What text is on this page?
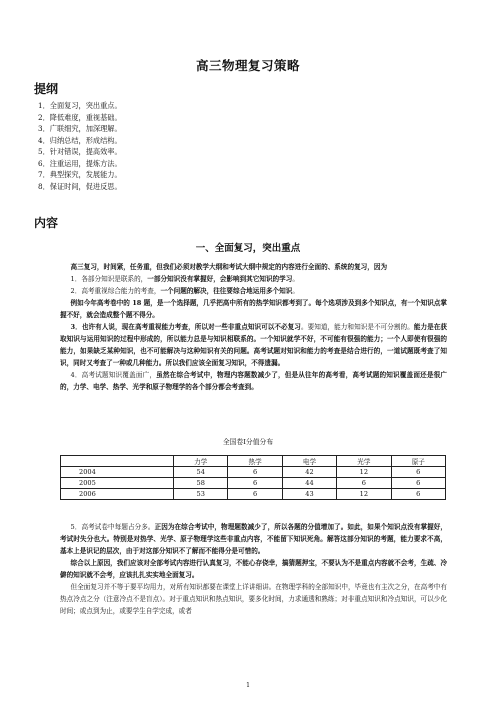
高三物理复习策略
提纲
1．全面复习，突出重点。
2．降低难度，重视基础。
3．广联细究，加深理解。
4．归纳总结，形成结构。
5．针对错误，提高效率。
6．注重运用，提炼方法。
7．典型探究，发展能力。
8．保证时间，促进反思。
内容
一、全面复习，突出重点

高三复习，时间紧，任务重，但我们必须对教学大纲和考试大纲中规定的内容进行全面的、系统的复习，因为

1．各部分知识是联系的，一部分知识没有掌握好，会影响到其它知识的学习。

2．高考重视综合能力的考查，一个问题的解决，往往要综合地运用多个知识。

例如今年高考卷中的 18 题，是一个选择题，几乎把高中所有的热学知识都考到了。每个选项涉及到多个知识点，有一个知识点掌握不好，就会造成整个题不得分。

3．也许有人说，现在高考重视能力考查，所以对一些非重点知识可以不必复习。要知道，能力和知识是不可分割的。能力是在获取知识与运用知识的过程中形成的，所以能力总是与知识相联系的。一个知识就学不好，不可能有很强的能力；一个人即使有很强的能力，如果缺乏某种知识，也不可能解决与这种知识有关的问题。高考试题对知识和能力的考查是结合进行的，一道试题既考查了知识，同时又考查了一种或几种能力。所以我们应该全面复习知识，不得遗漏。

4．高考试题知识覆盖面广，虽然在综合考试中，物理内容题数减少了，但是从往年的高考看，高考试题的知识覆盖面还是很广的，力学、电学、热学、光学和原子物理学的各个部分都会考查到。

全国卷Ⅰ分值分布
	力学	热学	电学	光学	原子
2004	54	6	42	12	6
2005	58	6	44	6	6
2006	53	6	43	12	6

5．高考试卷中每题占分多。正因为在综合考试中，物理题数减少了，所以各题的分值增加了。如此，如果个知识点没有掌握好，考试时失分也大。特别是对热学、光学、原子物理学这些非重点内容，不能留下知识死角。解答这部分知识的考题，能力要求不高，基本上是识记的层次，由于对这部分知识不了解而不能得分是可惜的。

综合以上原因，我们应该对全部考试内容进行认真复习，不能心存侥幸，搞猜题押宝，不要认为不是重点内容就不会考，生疏、冷僻的知识就不会考，应该扎扎实实地全面复习。

但全面复习并不等于要平均用力，对所有知识都要在课堂上详讲细讲。在物理学科的全部知识中，毕竟也有主次之分，在高考中有热点冷点之分（注意冷点不是盲点）。对于重点知识和热点知识，要多化时间，力求通透和熟练；对非重点知识和冷点知识，可以少化时间；或点到为止，或要学生自学完成，或者

1
